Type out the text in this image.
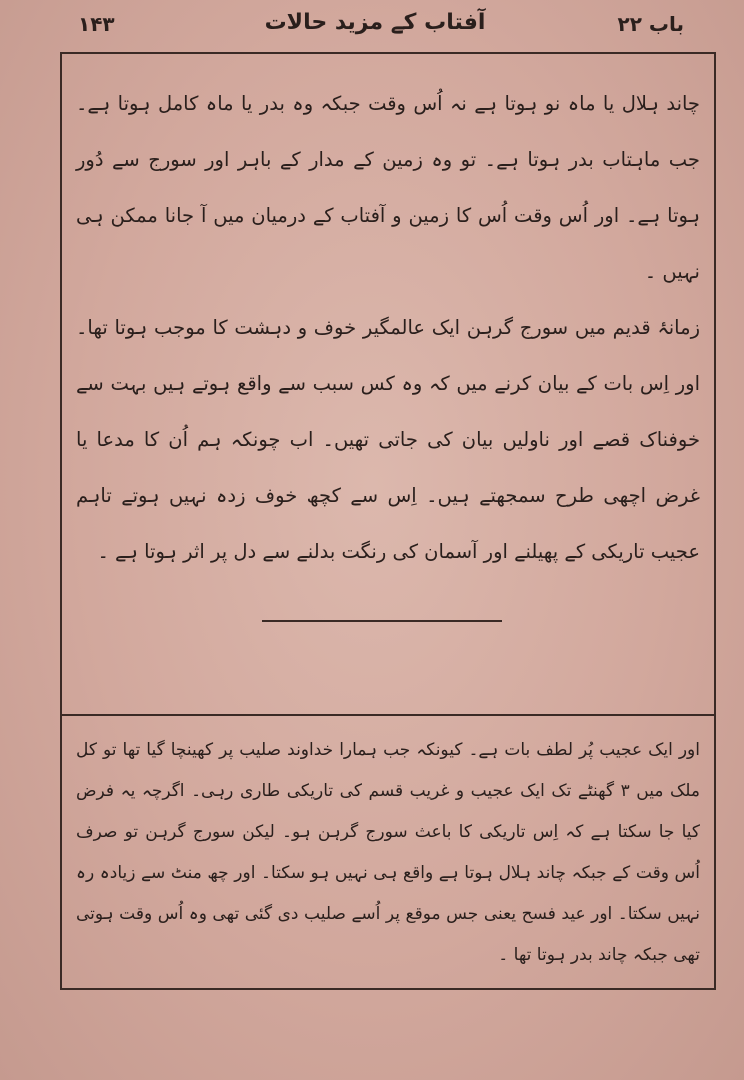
۱۴۳	آفتاب کے مزید حالات	باب ۲۲

چاند ہلال یا ماہ نو ہوتا ہے نہ اُس وقت جبکہ وہ بدر یا ماہ کامل ہوتا ہے۔ جب ماہتاب بدر ہوتا ہے۔ تو وہ زمین کے مدار کے باہر اور سورج سے دُور ہوتا ہے۔ اور اُس وقت اُس کا زمین و آفتاب کے درمیان میں آ جانا ممکن ہی نہیں ۔

زمانۂ قدیم میں سورج گرہن ایک عالمگیر خوف و دہشت کا موجب ہوتا تھا۔ اور اِس بات کے بیان کرنے میں کہ وہ کس سبب سے واقع ہوتے ہیں بہت سے خوفناک قصے اور ناولیں بیان کی جاتی تھیں۔ اب چونکہ ہم اُن کا مدعا یا غرض اچھی طرح سمجھتے ہیں۔ اِس سے کچھ خوف زدہ نہیں ہوتے تاہم عجیب تاریکی کے پھیلنے اور آسمان کی رنگت بدلنے سے دل پر اثر ہوتا ہے ۔

اور ایک عجیب پُر لطف بات ہے۔ کیونکہ جب ہمارا خداوند صلیب پر کھینچا گیا تھا تو کل ملک میں ۳ گھنٹے تک ایک عجیب و غریب قسم کی تاریکی طاری رہی۔ اگرچہ یہ فرض کیا جا سکتا ہے کہ اِس تاریکی کا باعث سورج گرہن ہو۔ لیکن سورج گرہن تو صرف اُس وقت کے جبکہ چاند ہلال ہوتا ہے واقع ہی نہیں ہو سکتا۔ اور چھ منٹ سے زیادہ رہ نہیں سکتا۔ اور عید فسح یعنی جس موقع پر اُسے صلیب دی گئی تھی وہ اُس وقت ہوتی تھی جبکہ چاند بدر ہوتا تھا ۔
